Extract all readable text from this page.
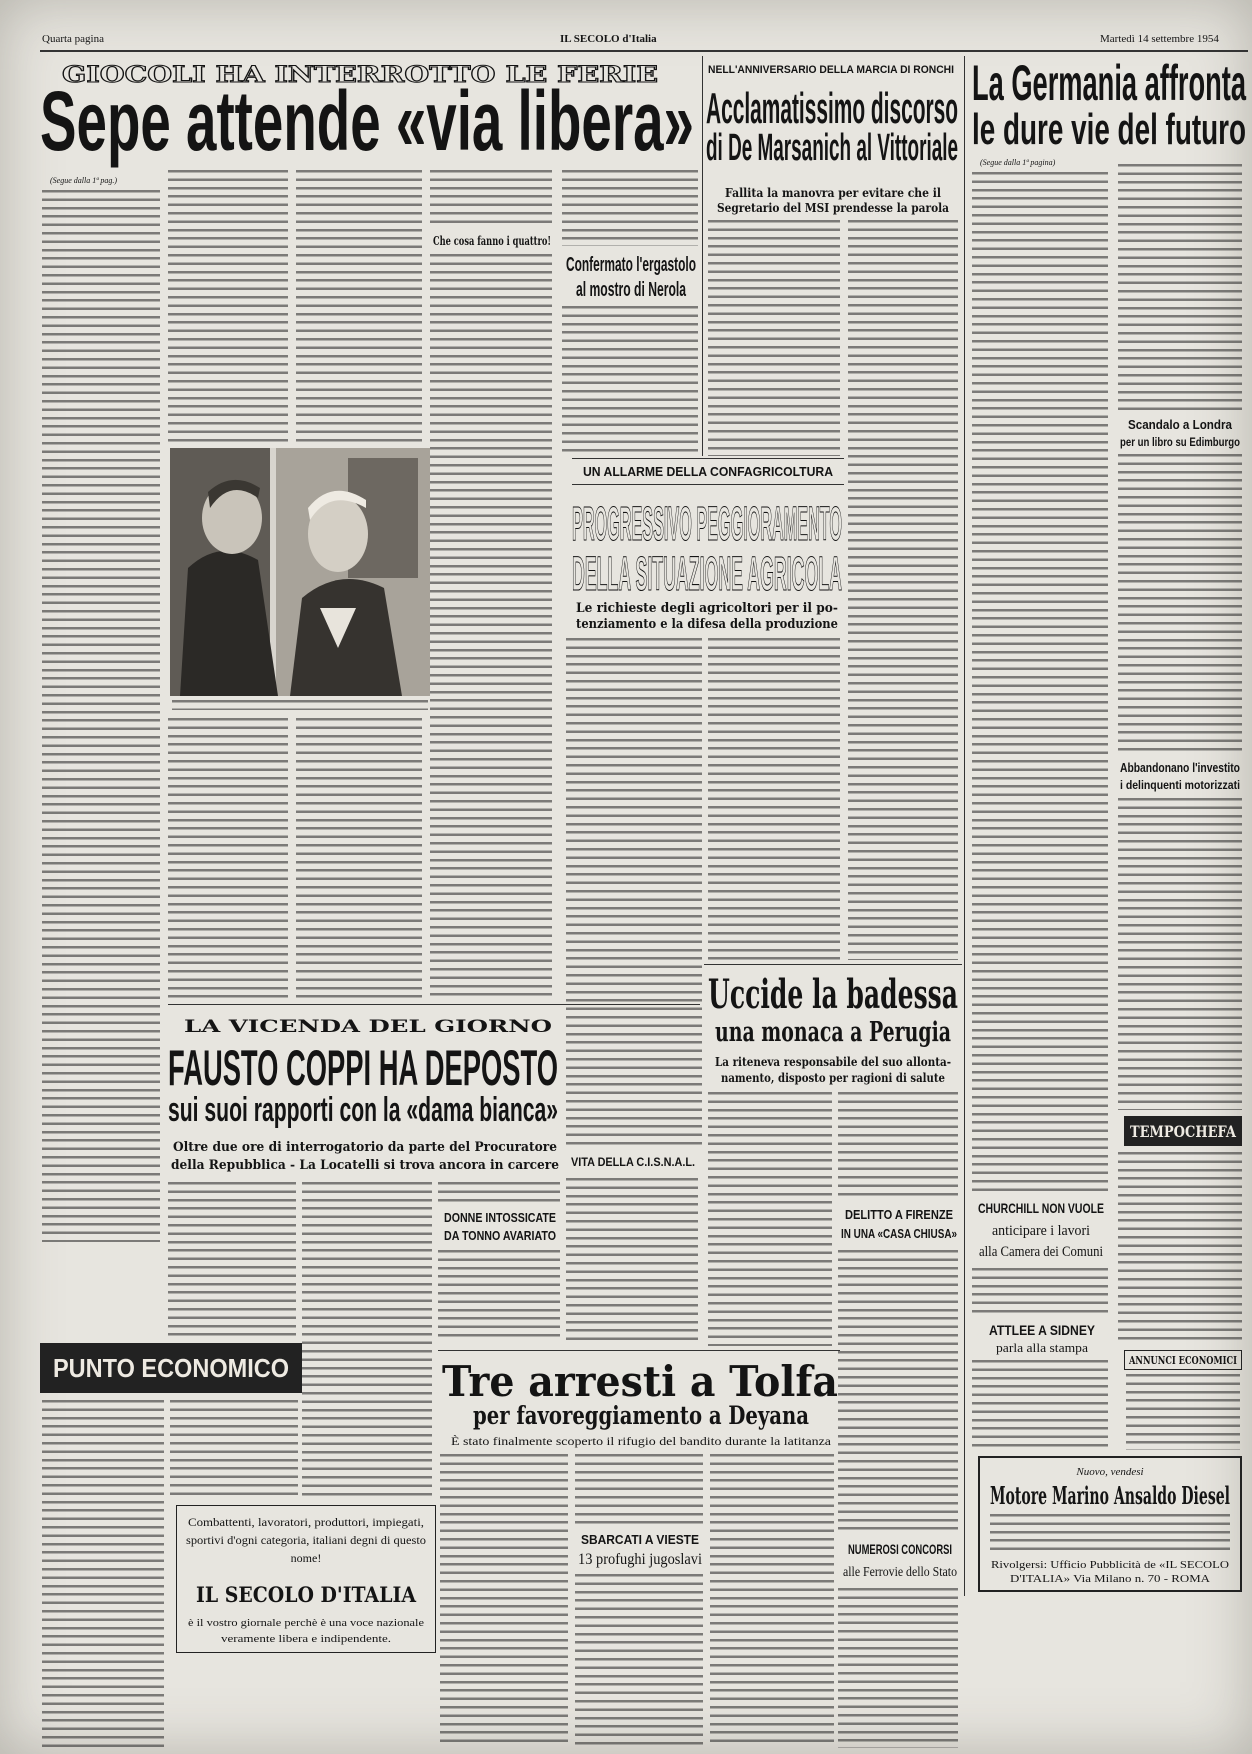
Quarta pagina	IL SECOLO d'Italia	Martedì 14 settembre 1954
GIOCOLI HA INTERROTTO LE FERIE
Sepe attende «via libera»
(Segue dalla 1ª pag.)
Che cosa fanno i quattro!
Confermato l'ergastolo
al mostro di Nerola
NELL'ANNIVERSARIO DELLA MARCIA DI RONCHI
Acclamatissimo discorso
di De Marsanich al Vittoriale
Fallita la manovra per evitare che il
Segretario del MSI prendesse la parola
UN ALLARME DELLA CONFAGRICOLTURA
PROGRESSIVO PEGGIORAMENTO
DELLA SITUAZIONE AGRICOLA
Le richieste degli agricoltori per il po-
tenziamento e la difesa della produzione
La Germania affronta
le dure vie del futuro
(Segue dalla 1ª pagina)
Scandalo a Londra
per un libro su Edimburgo
Abbandonano l'investito
i delinquenti motorizzati
TEMPOCHEFA
ANNUNCI ECONOMICI
CHURCHILL NON VUOLE
anticipare i lavori
alla Camera dei Comuni
ATTLEE A SIDNEY
parla alla stampa
Nuovo, vendesi
Motore Marino Ansaldo Diesel
Rivolgersi: Ufficio Pubblicità de «IL SECOLO
D'ITALIA» Via Milano n. 70 - ROMA
LA VICENDA DEL GIORNO
FAUSTO COPPI HA DEPOSTO
sui suoi rapporti con la «dama bianca»
Oltre due ore di interrogatorio da parte del Procuratore
della Repubblica - La Locatelli si trova ancora in carcere
DONNE INTOSSICATE
DA TONNO AVARIATO
VITA DELLA C.I.S.N.A.L.
Uccide la badessa
una monaca a Perugia
La riteneva responsabile del suo allonta-
namento, disposto per ragioni di salute
DELITTO A FIRENZE
IN UNA «CASA CHIUSA»
NUMEROSI CONCORSI
alle Ferrovie dello Stato
Tre arresti a Tolfa
per favoreggiamento a Deyana
È stato finalmente scoperto il rifugio del bandito durante la latitanza
SBARCATI A VIESTE
13 profughi jugoslavi
PUNTO ECONOMICO
Combattenti, lavoratori, produttori, impiegati,
sportivi d'ogni categoria, italiani degni di questo
nome!
IL SECOLO D'ITALIA
è il vostro giornale perchè è una voce nazionale
veramente libera e indipendente.
